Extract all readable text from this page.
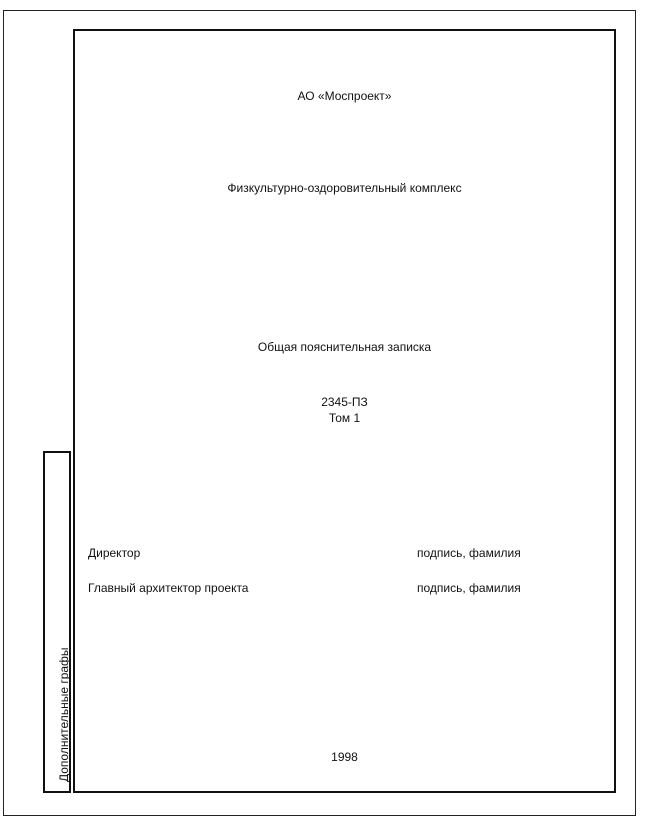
Дополнительные графы
АО «Моспроект»
Физкультурно-оздоровительный комплекс
Общая пояснительная записка
2345-ПЗ
Том 1
Директор	подпись, фамилия
Главный архитектор проекта	подпись, фамилия
1998
